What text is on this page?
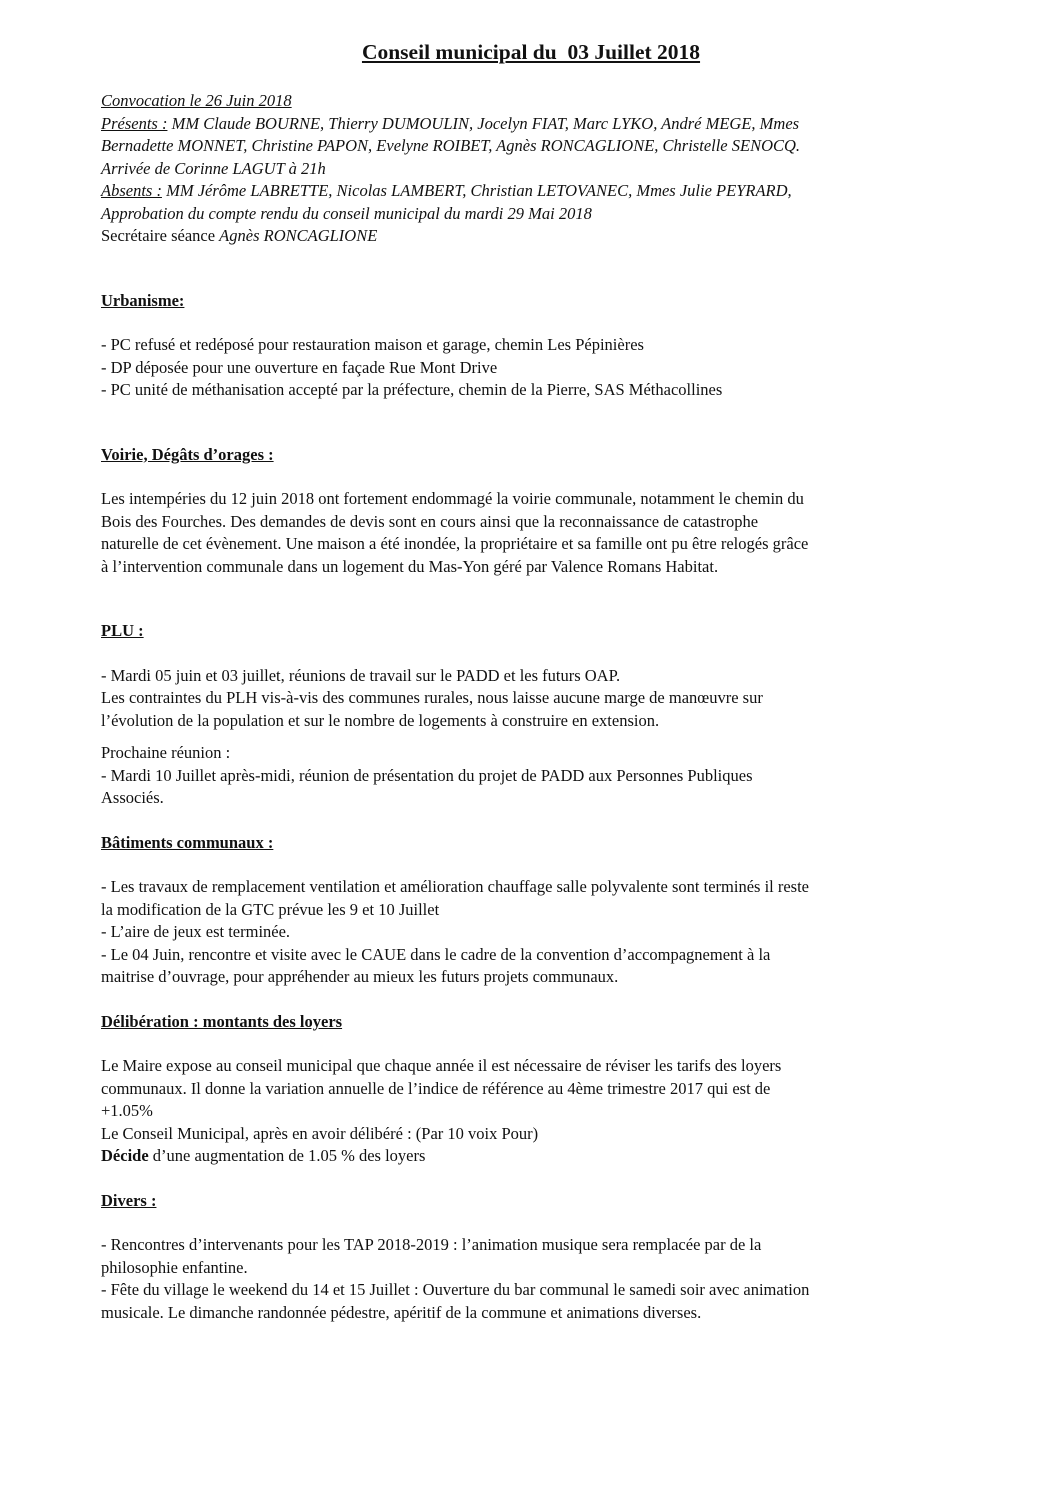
Conseil municipal du  03 Juillet 2018

Convocation le 26 Juin 2018

Présents : MM Claude BOURNE, Thierry DUMOULIN, Jocelyn FIAT, Marc LYKO, André MEGE, Mmes

Bernadette MONNET, Christine PAPON, Evelyne ROIBET, Agnès RONCAGLIONE, Christelle SENOCQ.

Arrivée de Corinne LAGUT à 21h

Absents : MM Jérôme LABRETTE, Nicolas LAMBERT, Christian LETOVANEC, Mmes Julie PEYRARD,

Approbation du compte rendu du conseil municipal du mardi 29 Mai 2018

Secrétaire séance Agnès RONCAGLIONE

Urbanisme:

- PC refusé et redéposé pour restauration maison et garage, chemin Les Pépinières

- DP déposée pour une ouverture en façade Rue Mont Drive

- PC unité de méthanisation accepté par la préfecture, chemin de la Pierre, SAS Méthacollines

Voirie, Dégâts d’orages :

Les intempéries du 12 juin 2018 ont fortement endommagé la voirie communale, notamment le chemin du

Bois des Fourches. Des demandes de devis sont en cours ainsi que la reconnaissance de catastrophe

naturelle de cet évènement. Une maison a été inondée, la propriétaire et sa famille ont pu être relogés grâce

à l’intervention communale dans un logement du Mas-Yon géré par Valence Romans Habitat.

PLU :

- Mardi 05 juin et 03 juillet, réunions de travail sur le PADD et les futurs OAP.

Les contraintes du PLH vis-à-vis des communes rurales, nous laisse aucune marge de manœuvre sur

l’évolution de la population et sur le nombre de logements à construire en extension.

Prochaine réunion :

- Mardi 10 Juillet après-midi, réunion de présentation du projet de PADD aux Personnes Publiques

Associés.

Bâtiments communaux :

- Les travaux de remplacement ventilation et amélioration chauffage salle polyvalente sont terminés il reste

la modification de la GTC prévue les 9 et 10 Juillet

- L’aire de jeux est terminée.

- Le 04 Juin, rencontre et visite avec le CAUE dans le cadre de la convention d’accompagnement à la

maitrise d’ouvrage, pour appréhender au mieux les futurs projets communaux.

Délibération : montants des loyers

Le Maire expose au conseil municipal que chaque année il est nécessaire de réviser les tarifs des loyers

communaux. Il donne la variation annuelle de l’indice de référence au 4ème trimestre 2017 qui est de

+1.05%

Le Conseil Municipal, après en avoir délibéré : (Par 10 voix Pour)

Décide d’une augmentation de 1.05 % des loyers

Divers :

- Rencontres d’intervenants pour les TAP 2018-2019 : l’animation musique sera remplacée par de la

philosophie enfantine.

- Fête du village le weekend du 14 et 15 Juillet : Ouverture du bar communal le samedi soir avec animation

musicale. Le dimanche randonnée pédestre, apéritif de la commune et animations diverses.
